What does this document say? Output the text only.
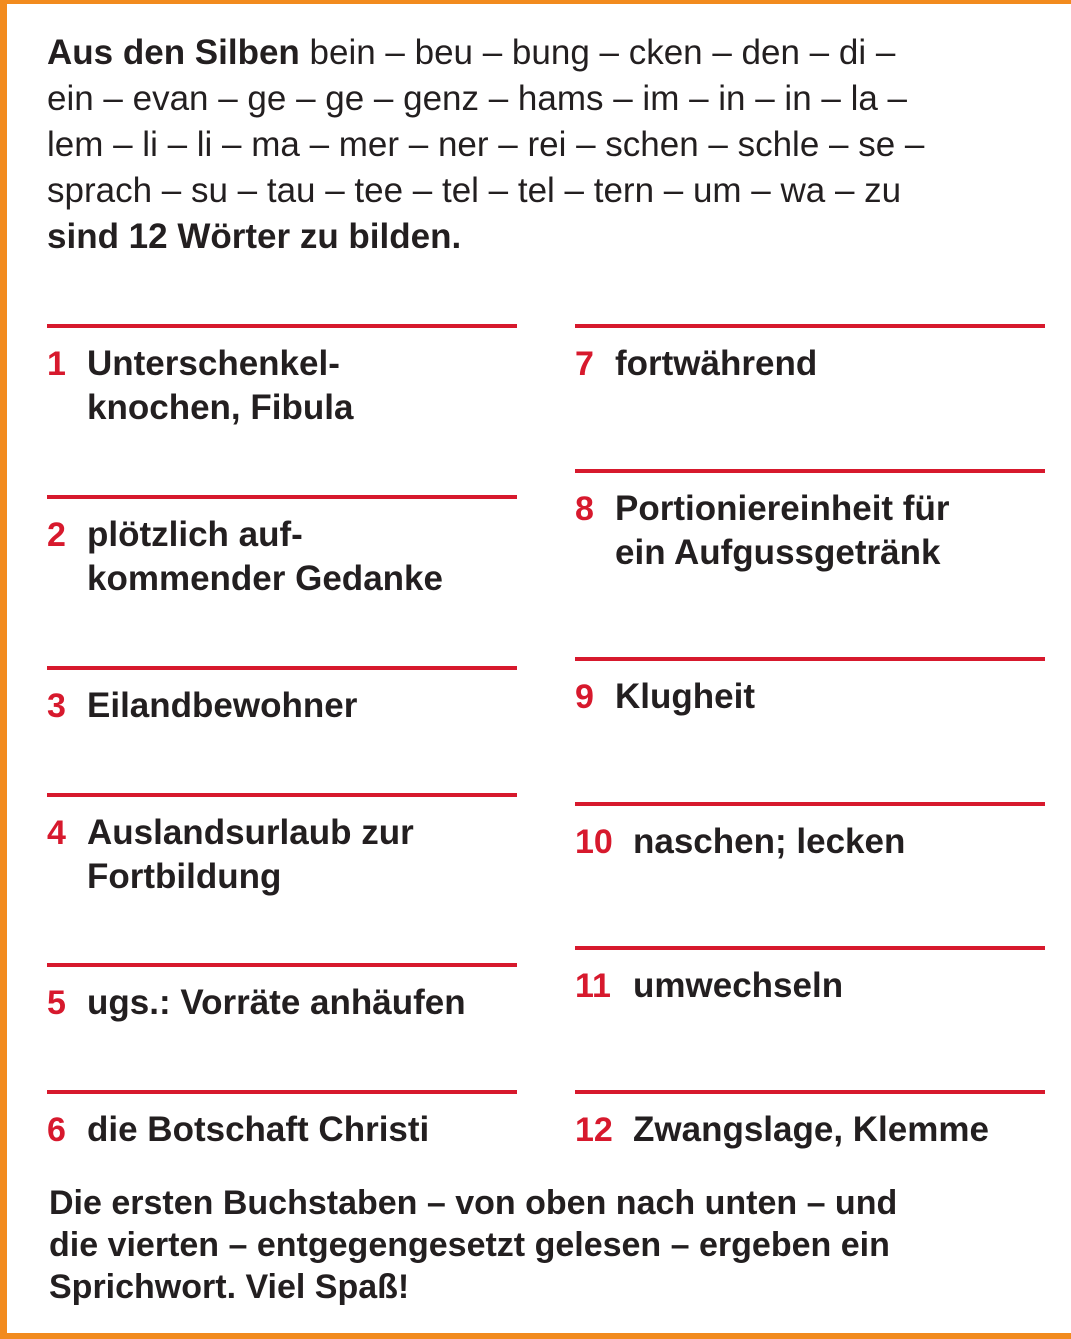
Aus den Silben bein – beu – bung – cken – den – di –
ein – evan – ge – ge – genz – hams – im – in – in – la –
lem – li – li – ma – mer – ner – rei – schen – schle – se –
sprach – su – tau – tee – tel – tel – tern – um – wa – zu
sind 12 Wörter zu bilden.
1 Unterschenkel-
knochen, Fibula
2 plötzlich auf-
kommender Gedanke
3 Eilandbewohner
4 Auslandsurlaub zur
Fortbildung
5 ugs.: Vorräte anhäufen
6 die Botschaft Christi
7 fortwährend
8 Portioniereinheit für
ein Aufgussgetränk
9 Klugheit
10 naschen; lecken
11 umwechseln
12 Zwangslage, Klemme
Die ersten Buchstaben – von oben nach unten – und
die vierten – entgegengesetzt gelesen – ergeben ein
Sprichwort. Viel Spaß!
